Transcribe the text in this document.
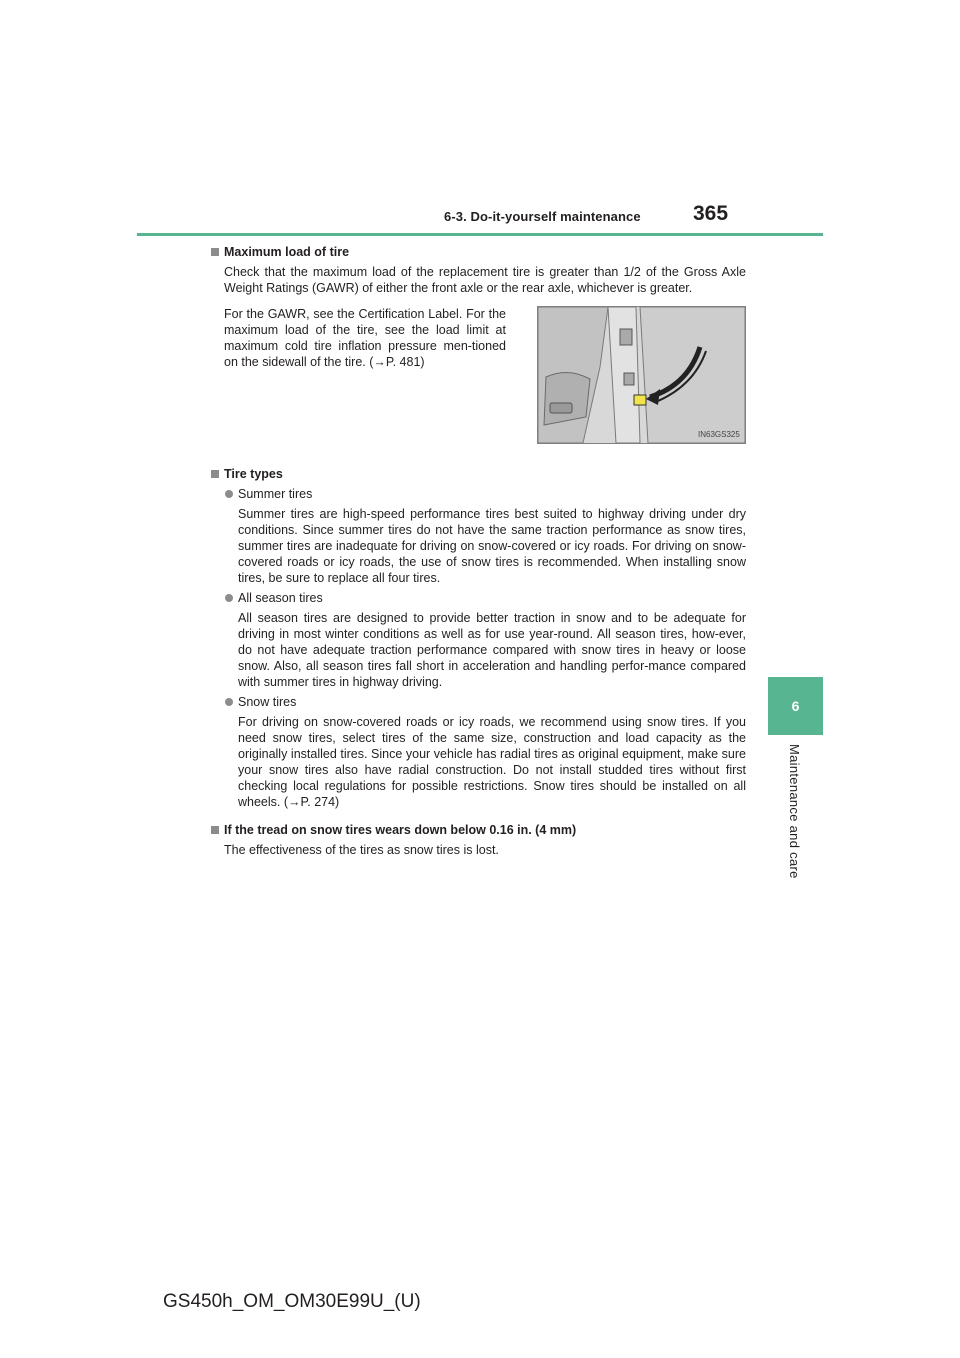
6-3. Do-it-yourself maintenance 365
6
Maintenance and care
Maximum load of tire
Check that the maximum load of the replacement tire is greater than 1/2 of the Gross Axle Weight Ratings (GAWR) of either the front axle or the rear axle, whichever is greater.
For the GAWR, see the Certification Label. For the maximum load of the tire, see the load limit at maximum cold tire inflation pressure men-tioned on the sidewall of the tire. (→P. 481)
IN63GS325
Tire types
Summer tires
Summer tires are high-speed performance tires best suited to highway driving under dry conditions. Since summer tires do not have the same traction performance as snow tires, summer tires are inadequate for driving on snow-covered or icy roads. For driving on snow-covered roads or icy roads, the use of snow tires is recommended. When installing snow tires, be sure to replace all four tires.
All season tires
All season tires are designed to provide better traction in snow and to be adequate for driving in most winter conditions as well as for use year-round. All season tires, how-ever, do not have adequate traction performance compared with snow tires in heavy or loose snow. Also, all season tires fall short in acceleration and handling perfor-mance compared with summer tires in highway driving.
Snow tires
For driving on snow-covered roads or icy roads, we recommend using snow tires. If you need snow tires, select tires of the same size, construction and load capacity as the originally installed tires. Since your vehicle has radial tires as original equipment, make sure your snow tires also have radial construction. Do not install studded tires without first checking local regulations for possible restrictions. Snow tires should be installed on all wheels. (→P. 274)
If the tread on snow tires wears down below 0.16 in. (4 mm)
The effectiveness of the tires as snow tires is lost.
GS450h_OM_OM30E99U_(U)
